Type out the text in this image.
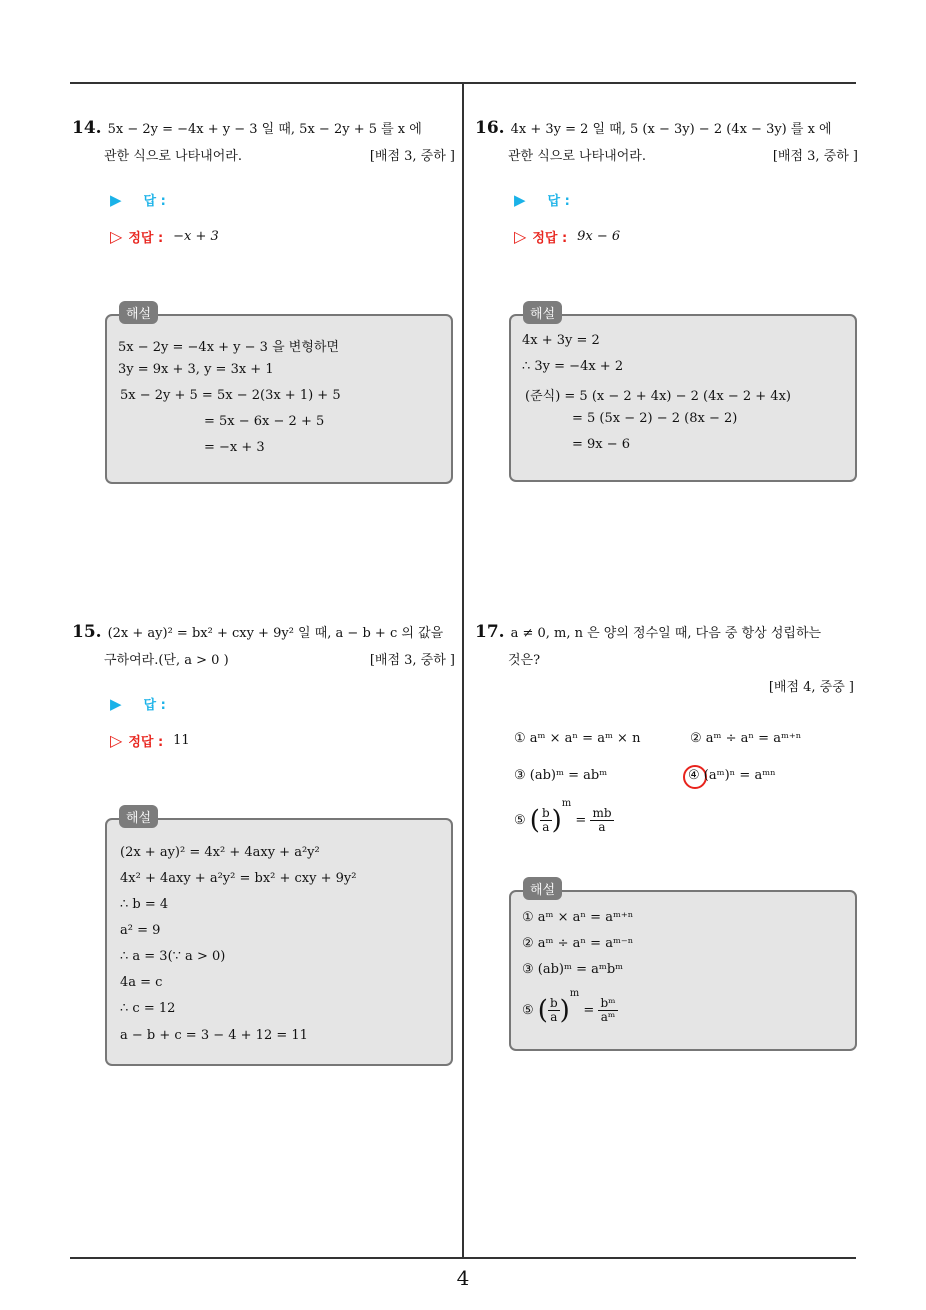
4
14. 5x − 2y = −4x + y − 3 일 때, 5x − 2y + 5 를 x 에
관한 식으로 나타내어라.	[배점 3, 중하 ]
▶ 답 :
▷ 정답 : −x + 3
해설
5x − 2y = −4x + y − 3 을 변형하면
3y = 9x + 3, y = 3x + 1
5x − 2y + 5 = 5x − 2(3x + 1) + 5
= 5x − 6x − 2 + 5
= −x + 3
15. (2x + ay)² = bx² + cxy + 9y² 일 때, a − b + c 의 값을
구하여라.(단, a > 0 )	[배점 3, 중하 ]
▶ 답 :
▷ 정답 : 11
해설
(2x + ay)² = 4x² + 4axy + a²y²
4x² + 4axy + a²y² = bx² + cxy + 9y²
∴ b = 4
a² = 9
∴ a = 3(∵ a > 0)
4a = c
∴ c = 12
a − b + c = 3 − 4 + 12 = 11
16. 4x + 3y = 2 일 때, 5 (x − 3y) − 2 (4x − 3y) 를 x 에
관한 식으로 나타내어라.	[배점 3, 중하 ]
▶ 답 :
▷ 정답 : 9x − 6
해설
4x + 3y = 2
∴ 3y = −4x + 2
(준식) = 5 (x − 2 + 4x) − 2 (4x − 2 + 4x)
= 5 (5x − 2) − 2 (8x − 2)
= 9x − 6
17. a ≠ 0, m, n 은 양의 정수일 때, 다음 중 항상 성립하는
것은?
[배점 4, 중중 ]
① aᵐ × aⁿ = aᵐ × n	② aᵐ ÷ aⁿ = aᵐ⁺ⁿ
③ (ab)ᵐ = abᵐ	④ (aᵐ)ⁿ = aᵐⁿ
⑤ ( $\frac{b}{a} )^m = \frac{mb}{a}$
해설
① aᵐ × aⁿ = aᵐ⁺ⁿ
② aᵐ ÷ aⁿ = aᵐ⁻ⁿ
③ (ab)ᵐ = aᵐbᵐ
⑤ ( $\frac{b}{a} )^m = \frac{\text{bᵐ}}{\text{aᵐ}}$
